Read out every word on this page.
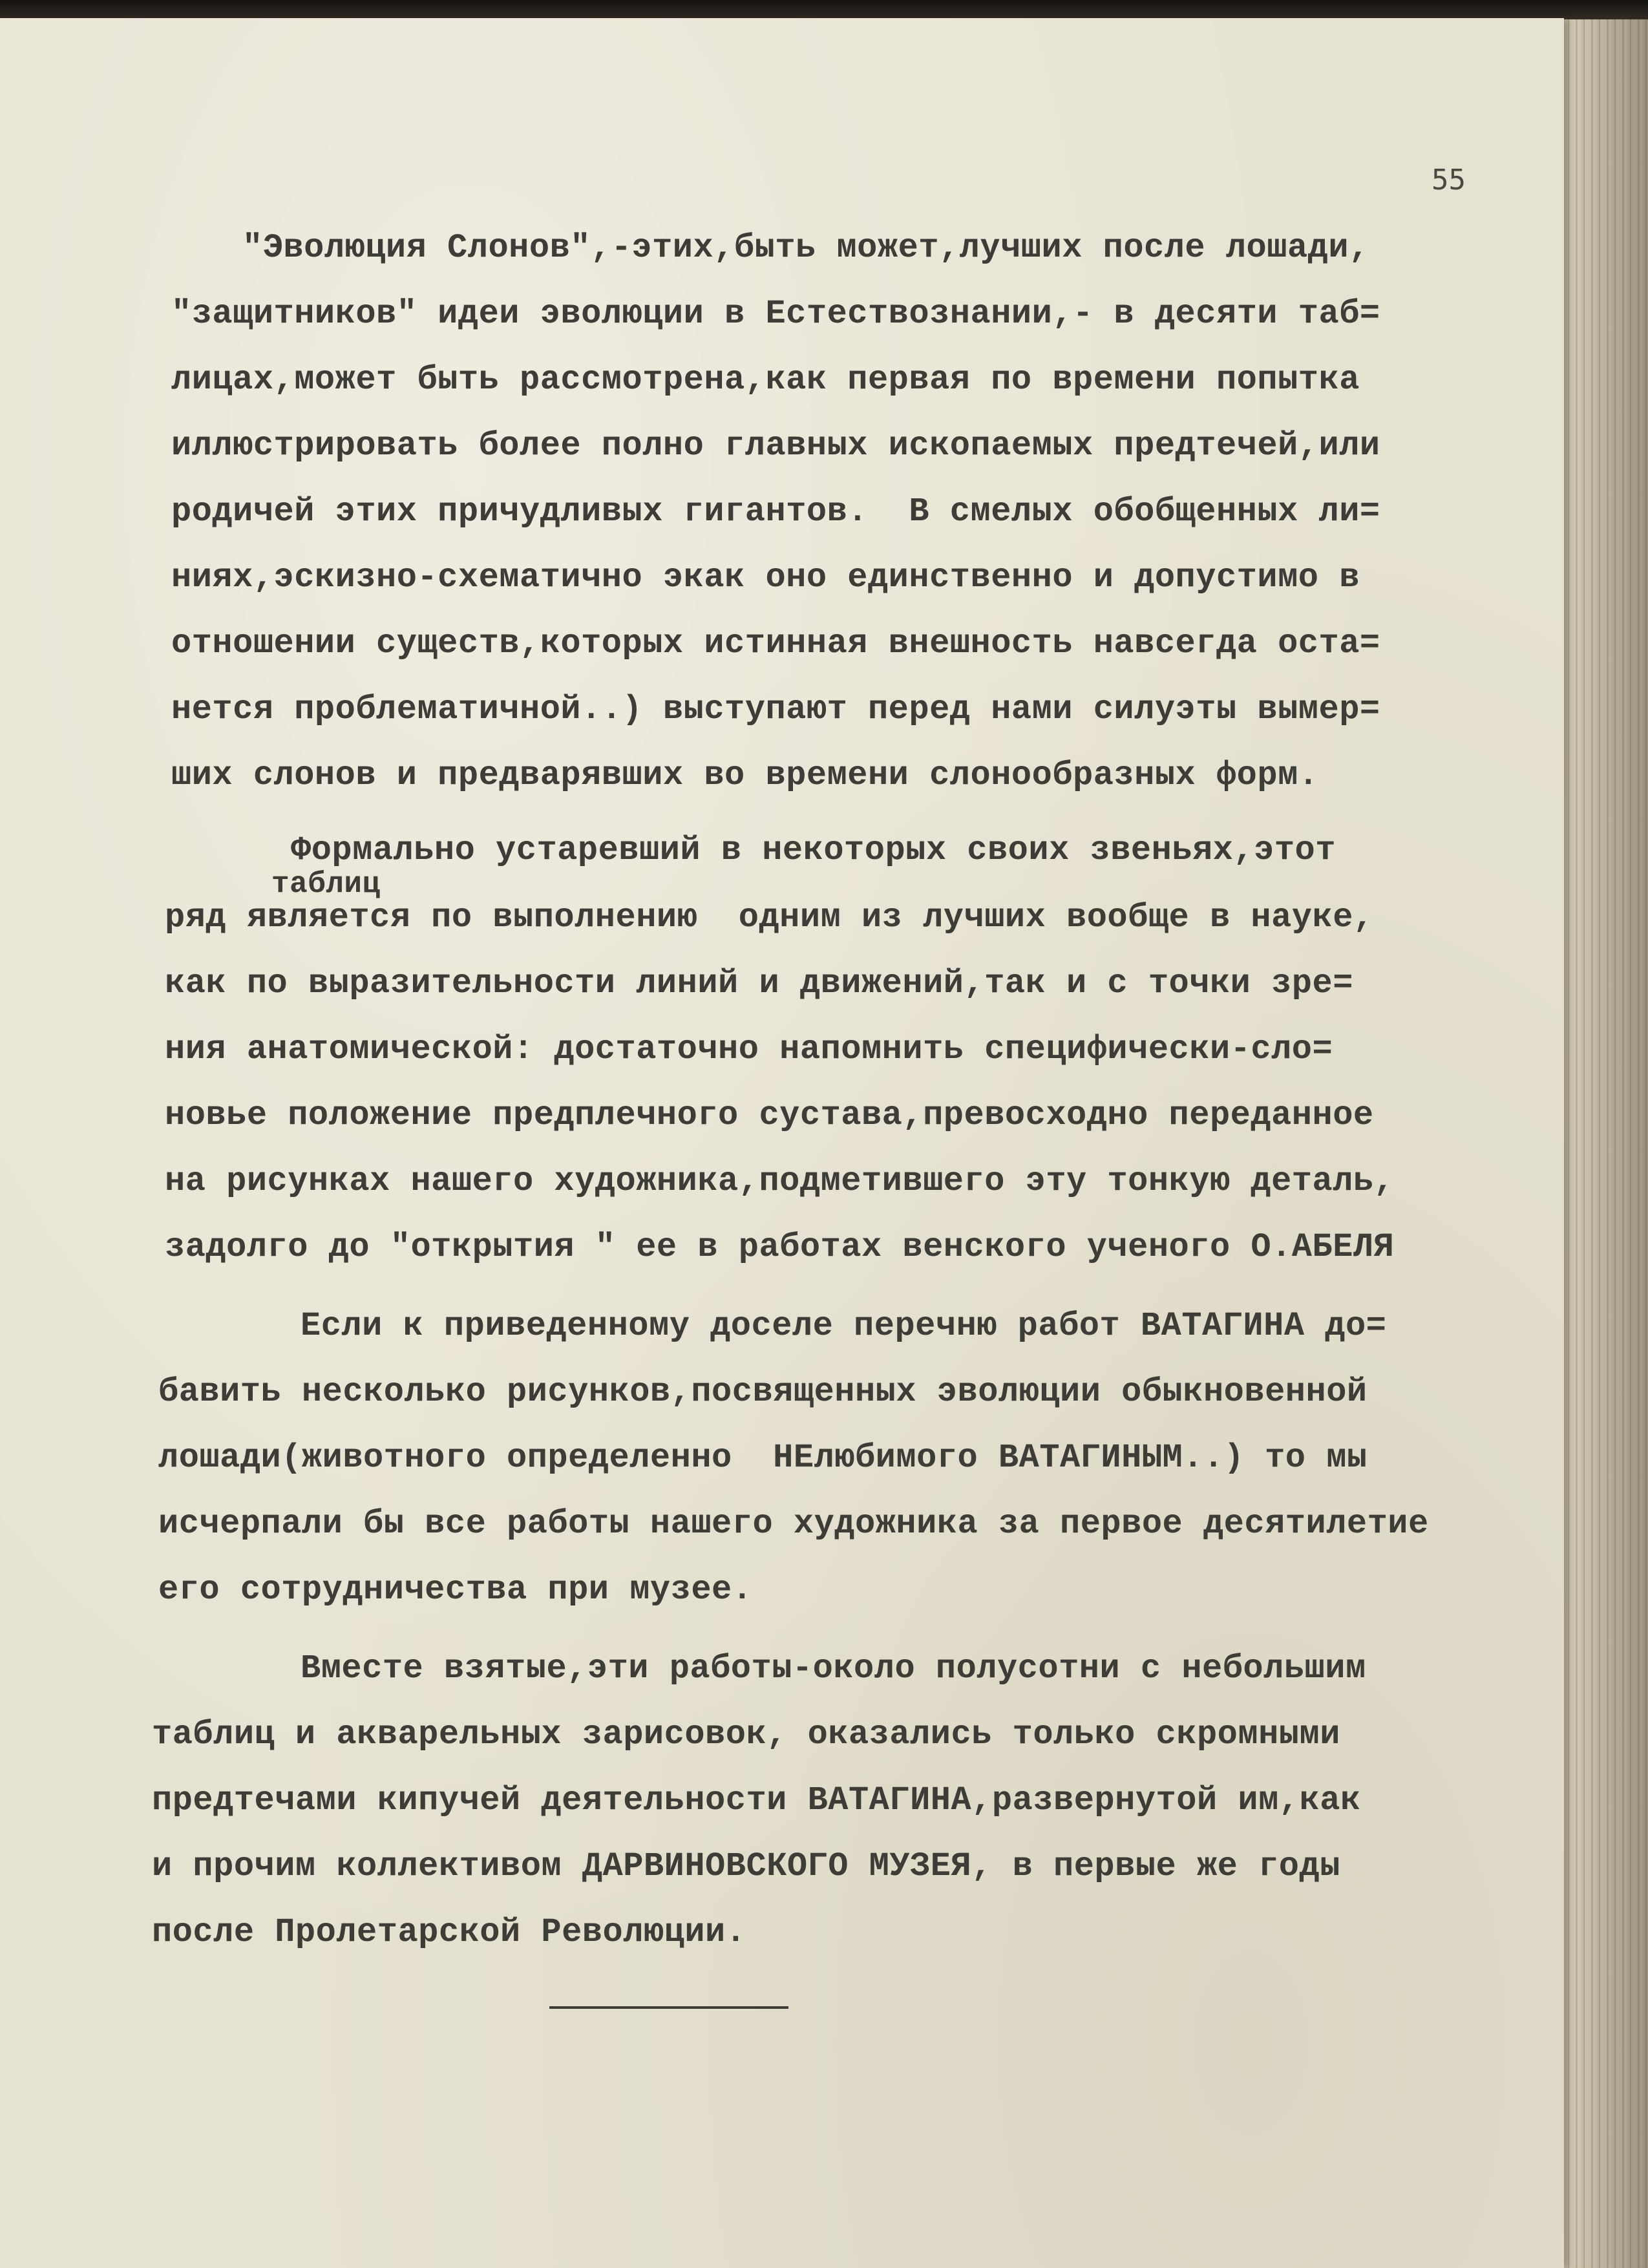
55

"Эволюция Слонов",-этих,быть может,лучших после лошади,

"защитников" идеи эволюции в Естествознании,- в десяти таб=

лицах,может быть рассмотрена,как первая по времени попытка

иллюстрировать более полно главных ископаемых предтечей,или

родичей этих причудливых гигантов.  В смелых обобщенных ли=

ниях,эскизно-схематично экак оно единственно и допустимо в

отношении существ,которых истинная внешность навсегда оста=

нется проблематичной..) выступают перед нами силуэты вымер=

ших слонов и предварявших во времени слонообразных форм.

Формально устаревший в некоторых своих звеньях,этот

таблиц

ряд является по выполнению  одним из лучших вообще в науке,

как по выразительности линий и движений,так и с точки зре=

ния анатомической: достаточно напомнить специфически-сло=

новье положение предплечного сустава,превосходно переданное

на рисунках нашего художника,подметившего эту тонкую деталь,

задолго до "открытия " ее в работах венского ученого О.АБЕЛЯ

Если к приведенному доселе перечню работ ВАТАГИНА до=

бавить несколько рисунков,посвященных эволюции обыкновенной

лошади(животного определенно  НЕлюбимого ВАТАГИНЫМ..) то мы

исчерпали бы все работы нашего художника за первое десятилетие

его сотрудничества при музее.

Вместе взятые,эти работы-около полусотни с небольшим

таблиц и акварельных зарисовок, оказались только скромными

предтечами кипучей деятельности ВАТАГИНА,развернутой им,как

и прочим коллективом ДАРВИНОВСКОГО МУЗЕЯ, в первые же годы

после Пролетарской Революции.
